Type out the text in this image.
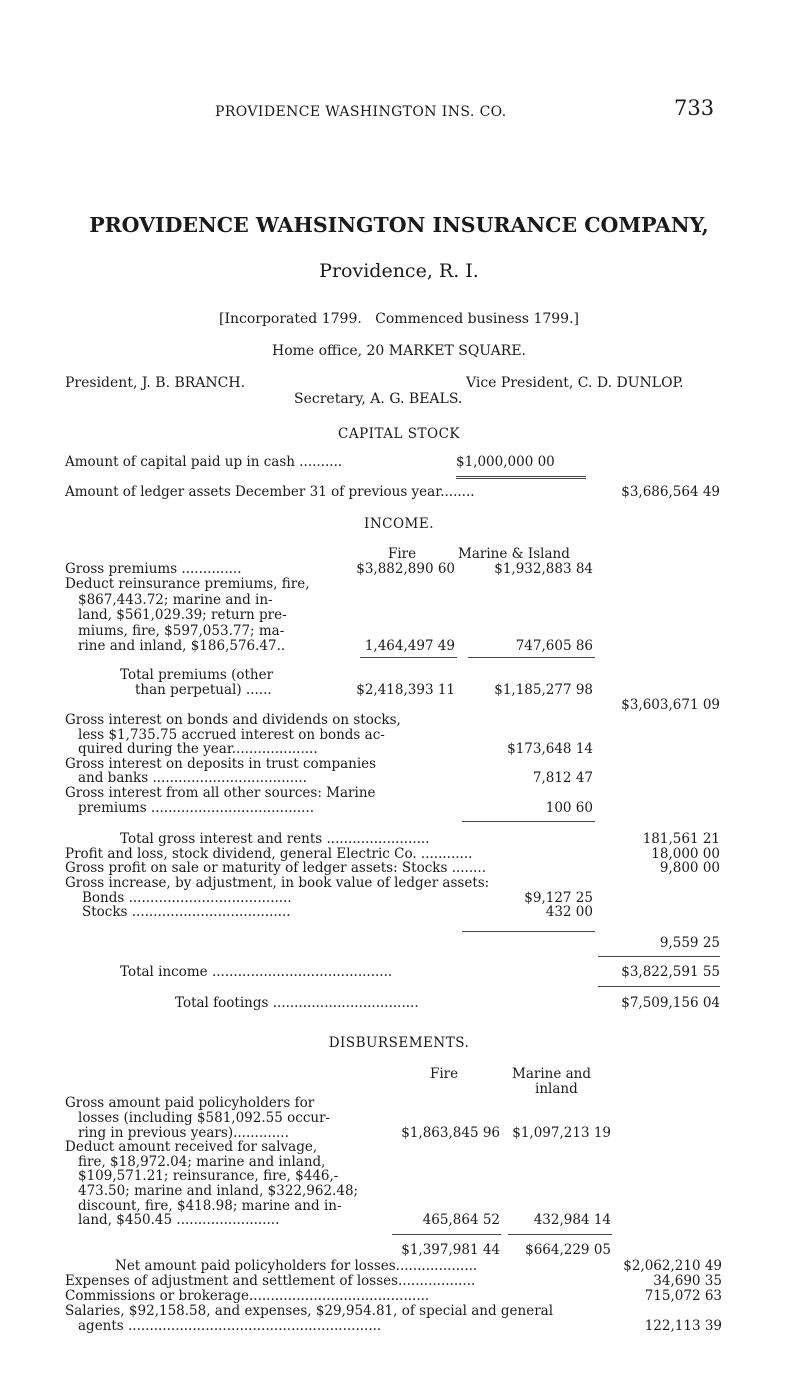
PROVIDENCE WASHINGTON INS. CO.	733
PROVIDENCE WAHSINGTON INSURANCE COMPANY,
Providence, R. I.
[Incorporated 1799.   Commenced business 1799.]
Home office, 20 MARKET SQUARE.
President, J. B. BRANCH.	Vice President, C. D. DUNLOP.
Secretary, A. G. BEALS.
CAPITAL STOCK
Amount of capital paid up in cash ..........	$1,000,000 00
Amount of ledger assets December 31 of previous year........	$3,686,564 49
INCOME.
Fire	Marine & Island
Gross premiums ..............	$3,882,890 60	$1,932,883 84
Deduct reinsurance premiums, fire,
$867,443.72; marine and in-
land, $561,029.39; return pre-
miums, fire, $597,053.77; ma-
rine and inland, $186,576.47..	1,464,497 49	747,605 86
Total premiums (other
than perpetual) ......	$2,418,393 11	$1,185,277 98
$3,603,671 09
Gross interest on bonds and dividends on stocks,
less $1,735.75 accrued interest on bonds ac-
quired during the year....................	$173,648 14
Gross interest on deposits in trust companies
and banks ....................................	7,812 47
Gross interest from all other sources: Marine
premiums ......................................	100 60
Total gross interest and rents ........................	181,561 21
Profit and loss, stock dividend, general Electric Co. ............	18,000 00
Gross profit on sale or maturity of ledger assets: Stocks ........	9,800 00
Gross increase, by adjustment, in book value of ledger assets:
Bonds ......................................	$9,127 25
Stocks .....................................	432 00
9,559 25
Total income ..........................................	$3,822,591 55
Total footings ..................................	$7,509,156 04
DISBURSEMENTS.
Fire	Marine and
inland
Gross amount paid policyholders for
losses (including $581,092.55 occur-
ring in previous years).............	$1,863,845 96 $1,097,213 19
Deduct amount received for salvage,
fire, $18,972.04; marine and inland,
$109,571.21; reinsurance, fire, $446,-
473.50; marine and inland, $322,962.48;
discount, fire, $418.98; marine and in-
land, $450.45 ........................	465,864 52 432,984 14
$1,397,981 44 $664,229 05
Net amount paid policyholders for losses...................	$2,062,210 49
Expenses of adjustment and settlement of losses..................	34,690 35
Commissions or brokerage..........................................	715,072 63
Salaries, $92,158.58, and expenses, $29,954.81, of special and general
agents ...........................................................	122,113 39
